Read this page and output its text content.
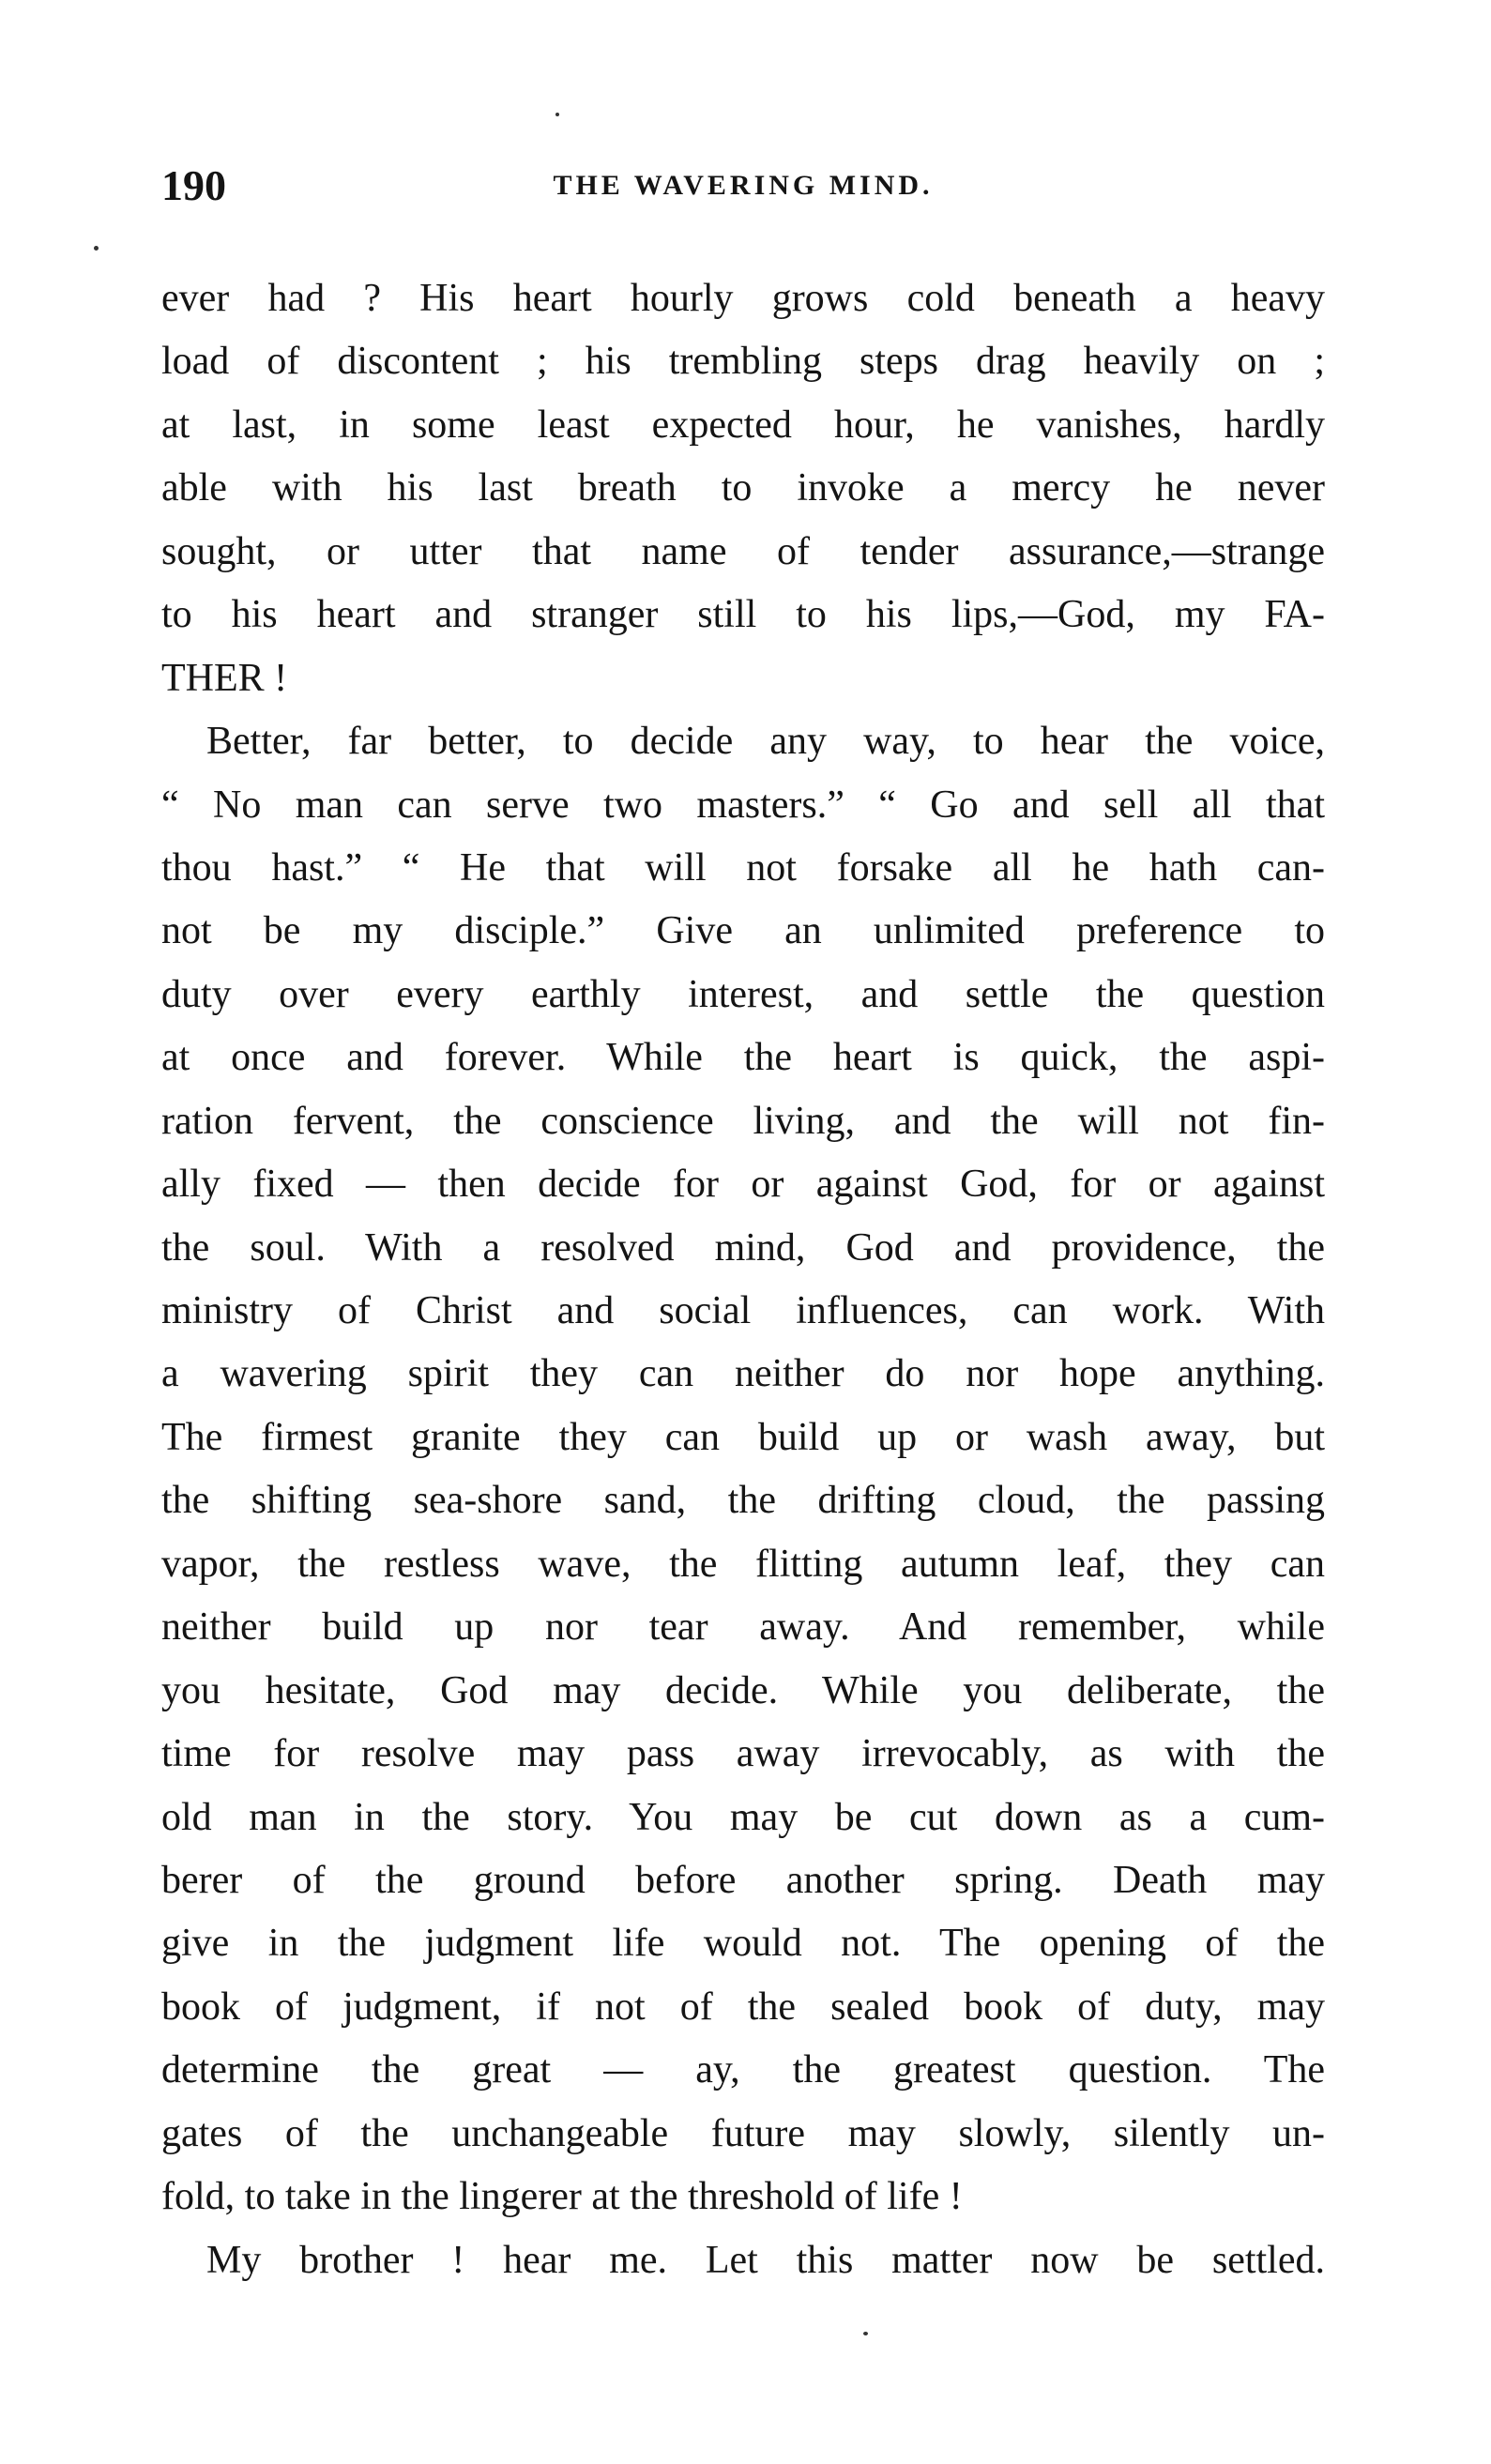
190	THE WAVERING MIND.
ever had ? His heart hourly grows cold beneath a heavy
load of discontent ; his trembling steps drag heavily on ;
at last, in some least expected hour, he vanishes, hardly
able with his last breath to invoke a mercy he never
sought, or utter that name of tender assurance,—strange
to his heart and stranger still to his lips,—God, my FA-
THER !
Better, far better, to decide any way, to hear the voice,
“ No man can serve two masters.” “ Go and sell all that
thou hast.” “ He that will not forsake all he hath can-
not be my disciple.” Give an unlimited preference to
duty over every earthly interest, and settle the question
at once and forever. While the heart is quick, the aspi-
ration fervent, the conscience living, and the will not fin-
ally fixed — then decide for or against God, for or against
the soul. With a resolved mind, God and providence, the
ministry of Christ and social influences, can work. With
a wavering spirit they can neither do nor hope anything.
The firmest granite they can build up or wash away, but
the shifting sea-shore sand, the drifting cloud, the passing
vapor, the restless wave, the flitting autumn leaf, they can
neither build up nor tear away. And remember, while
you hesitate, God may decide. While you deliberate, the
time for resolve may pass away irrevocably, as with the
old man in the story. You may be cut down as a cum-
berer of the ground before another spring. Death may
give in the judgment life would not. The opening of the
book of judgment, if not of the sealed book of duty, may
determine the great — ay, the greatest question. The
gates of the unchangeable future may slowly, silently un-
fold, to take in the lingerer at the threshold of life !
My brother ! hear me. Let this matter now be settled.
